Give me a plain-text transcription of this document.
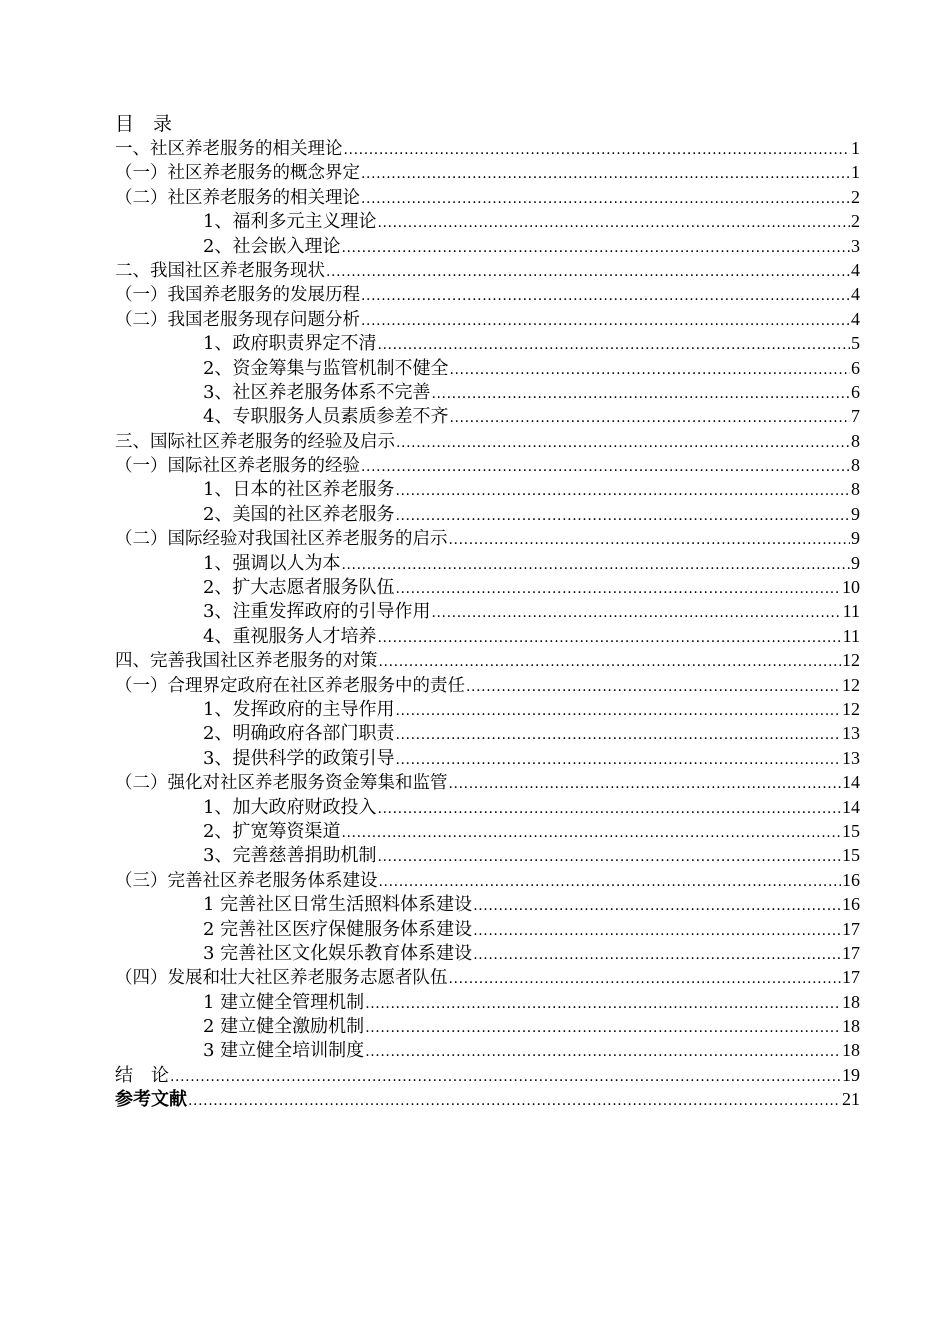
目　录
一、社区养老服务的相关理论 .....	1
（一）社区养老服务的概念界定 .....	1
（二）社区养老服务的相关理论 .....	2
1、福利多元主义理论 .....	2
2、社会嵌入理论 .....	3
二、我国社区养老服务现状 .....	4
（一）我国养老服务的发展历程 .....	4
（二）我国老服务现存问题分析 .....	4
1、政府职责界定不清 .....	5
2、资金筹集与监管机制不健全 .....	6
3、社区养老服务体系不完善 .....	6
4、专职服务人员素质参差不齐 .....	7
三、国际社区养老服务的经验及启示 .....	8
（一）国际社区养老服务的经验 .....	8
1、日本的社区养老服务 .....	8
2、美国的社区养老服务 .....	9
（二）国际经验对我国社区养老服务的启示 .....	9
1、强调以人为本 .....	9
2、扩大志愿者服务队伍 .....	10
3、注重发挥政府的引导作用 .....	11
4、重视服务人才培养 .....	11
四、完善我国社区养老服务的对策 .....	12
（一）合理界定政府在社区养老服务中的责任 .....	12
1、发挥政府的主导作用 .....	12
2、明确政府各部门职责 .....	13
3、提供科学的政策引导 .....	13
（二）强化对社区养老服务资金筹集和监管 .....	14
1、加大政府财政投入 .....	14
2、扩宽筹资渠道 .....	15
3、完善慈善捐助机制 .....	15
（三）完善社区养老服务体系建设 .....	16
1 完善社区日常生活照料体系建设 .....	16
2 完善社区医疗保健服务体系建设 .....	17
3 完善社区文化娱乐教育体系建设 .....	17
（四）发展和壮大社区养老服务志愿者队伍 .....	17
1 建立健全管理机制 .....	18
2 建立健全激励机制 .....	18
3 建立健全培训制度 .....	18
结　论 .....	19
参考文献 .....	21
